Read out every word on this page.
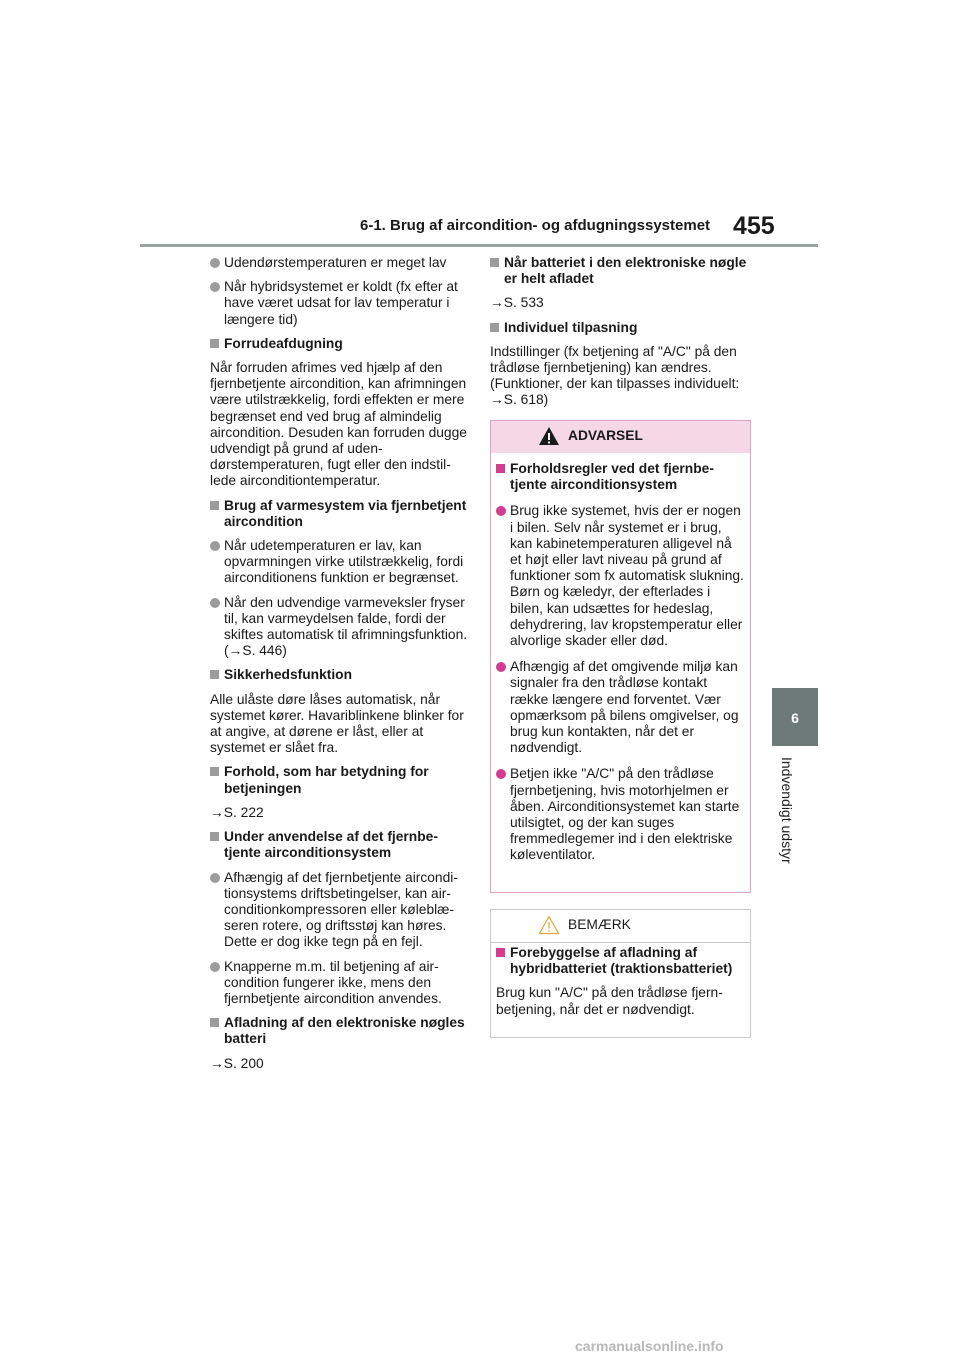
6-1. Brug af aircondition- og afdugningssystemet 455
6
Indvendigt udstyr
Udendørstemperaturen er meget lav
Når hybridsystemet er koldt (fx efter at have været udsat for lav temperatur i længere tid)
Forrudeafdugning
Når forruden afrimes ved hjælp af den fjernbetjente aircondition, kan afrimningen være utilstrækkelig, fordi effekten er mere begrænset end ved brug af almindelig aircondition. Desuden kan forruden dugge udvendigt på grund af udendørstemperaturen, fugt eller den indstillede airconditiontemperatur.
Brug af varmesystem via fjernbetjent aircondition
Når udetemperaturen er lav, kan opvarmningen virke utilstrækkelig, fordi airconditionens funktion er begrænset.
Når den udvendige varmeveksler fryser til, kan varmeydelsen falde, fordi der skiftes automatisk til afrimningsfunktion. (→S. 446)
Sikkerhedsfunktion
Alle ulåste døre låses automatisk, når systemet kører. Havariblinkene blinker for at angive, at dørene er låst, eller at systemet er slået fra.
Forhold, som har betydning for betjeningen
→S. 222
Under anvendelse af det fjernbetjente airconditionsystem
Afhængig af det fjernbetjente airconditionsystems driftsbetingelser, kan airconditionkompressoren eller køleblæseren rotere, og driftsstøj kan høres. Dette er dog ikke tegn på en fejl.
Knapperne m.m. til betjening af aircondition fungerer ikke, mens den fjernbetjente aircondition anvendes.
Afladning af den elektroniske nøgles batteri
→S. 200
Når batteriet i den elektroniske nøgle er helt afladet
→S. 533
Individuel tilpasning
Indstillinger (fx betjening af "A/C" på den trådløse fjernbetjening) kan ændres. (Funktioner, der kan tilpasses individuelt: →S. 618)
ADVARSEL
Forholdsregler ved det fjernbetjente airconditionsystem
Brug ikke systemet, hvis der er nogen i bilen. Selv når systemet er i brug, kan kabinetemperaturen alligevel nå et højt eller lavt niveau på grund af funktioner som fx automatisk slukning. Børn og kæledyr, der efterlades i bilen, kan udsættes for hedeslag, dehydrering, lav kropstemperatur eller alvorlige skader eller død.
Afhængig af det omgivende miljø kan signaler fra den trådløse kontakt række længere end forventet. Vær opmærksom på bilens omgivelser, og brug kun kontakten, når det er nødvendigt.
Betjen ikke "A/C" på den trådløse fjernbetjening, hvis motorhjelmen er åben. Airconditionsystemet kan starte utilsigtet, og der kan suges fremmedlegemer ind i den elektriske køleventilator.
BEMÆRK
Forebyggelse af afladning af hybridbatteriet (traktionsbatteriet)
Brug kun "A/C" på den trådløse fjernbetjening, når det er nødvendigt.
carmanualsonline.info
